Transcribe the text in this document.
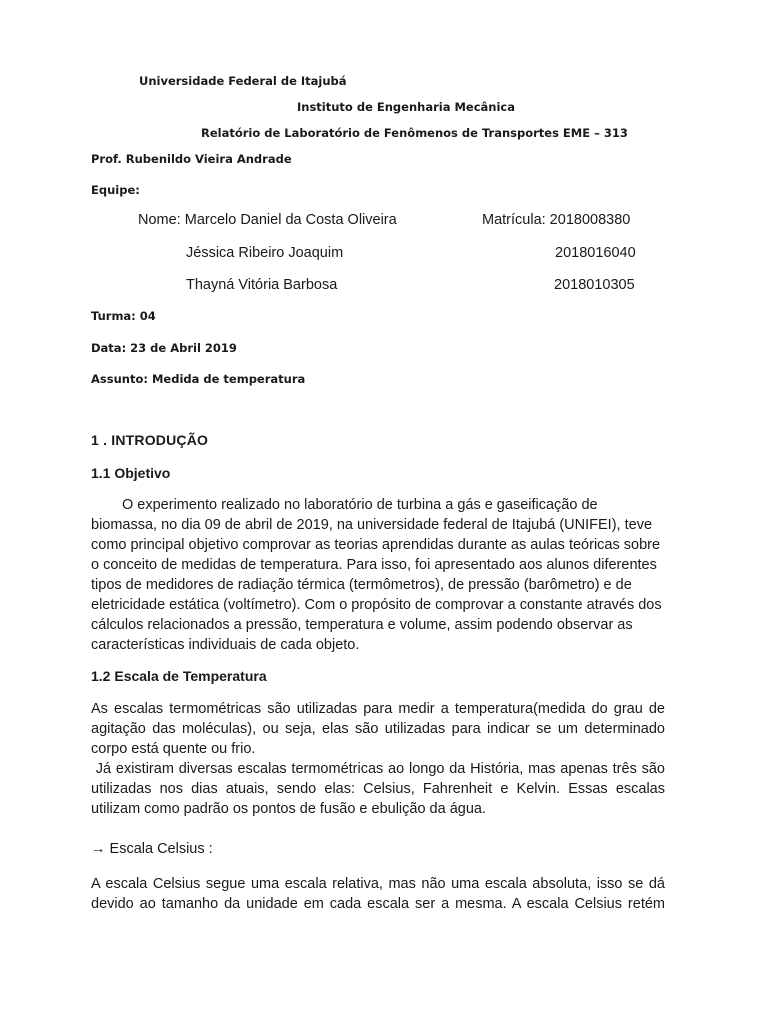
Universidade Federal de Itajubá
Instituto de Engenharia Mecânica
Relatório de Laboratório de Fenômenos de Transportes EME – 313
Prof. Rubenildo Vieira Andrade
Equipe:
Nome: Marcelo Daniel da Costa Oliveira	Matrícula: 2018008380
Jéssica Ribeiro Joaquim	2018016040
Thayná Vitória Barbosa	2018010305
Turma: 04
Data: 23 de Abril 2019
Assunto: Medida de temperatura
1 . INTRODUÇÃO
1.1 Objetivo

O experimento realizado no laboratório de turbina a gás e gaseificação de biomassa, no dia 09 de abril de 2019, na universidade federal de Itajubá (UNIFEI), teve como principal objetivo comprovar as teorias aprendidas durante as aulas teóricas sobre o conceito de medidas de temperatura. Para isso, foi apresentado aos alunos diferentes tipos de medidores de radiação térmica (termômetros), de pressão (barômetro) e de eletricidade estática (voltímetro). Com o propósito de comprovar a constante através dos cálculos relacionados a pressão, temperatura e volume, assim podendo observar as características individuais de cada objeto.

1.2 Escala de Temperatura

As escalas termométricas são utilizadas para medir a temperatura(medida do grau de agitação das moléculas), ou seja, elas são utilizadas para indicar se um determinado corpo está quente ou frio.

Já existiram diversas escalas termométricas ao longo da História, mas apenas três são utilizadas nos dias atuais, sendo elas: Celsius, Fahrenheit e Kelvin. Essas escalas utilizam como padrão os pontos de fusão e ebulição da água.

→ Escala Celsius :

A escala Celsius segue uma escala relativa, mas não uma escala absoluta, isso se dá devido ao tamanho da unidade em cada escala ser a mesma. A escala Celsius retém
